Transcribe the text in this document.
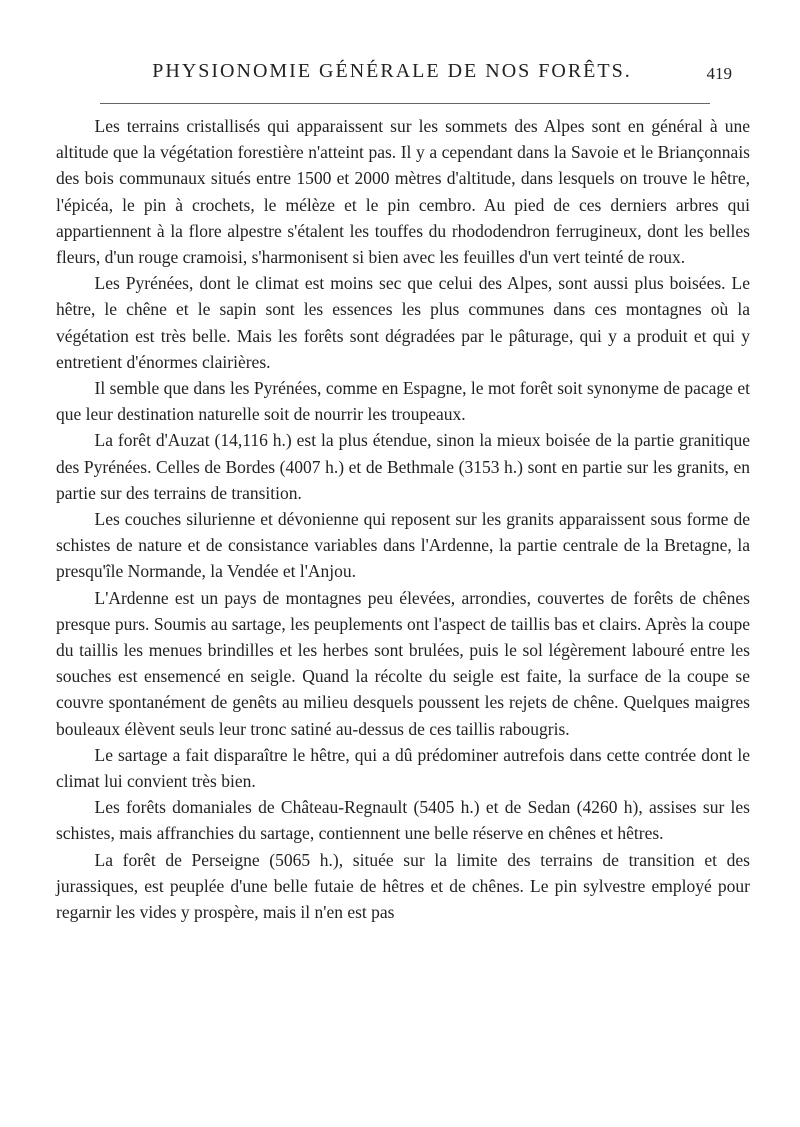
PHYSIONOMIE GÉNÉRALE DE NOS FORÊTS.	419

Les terrains cristallisés qui apparaissent sur les sommets des Alpes sont en général à une altitude que la végétation forestière n'atteint pas. Il y a cependant dans la Savoie et le Briançonnais des bois communaux situés entre 1500 et 2000 mètres d'altitude, dans lesquels on trouve le hêtre, l'épicéa, le pin à crochets, le mélèze et le pin cembro. Au pied de ces derniers arbres qui appartiennent à la flore alpestre s'étalent les touffes du rhododendron ferrugineux, dont les belles fleurs, d'un rouge cramoisi, s'harmonisent si bien avec les feuilles d'un vert teinté de roux.

Les Pyrénées, dont le climat est moins sec que celui des Alpes, sont aussi plus boisées. Le hêtre, le chêne et le sapin sont les essences les plus communes dans ces montagnes où la végétation est très belle. Mais les forêts sont dégradées par le pâturage, qui y a produit et qui y entretient d'énormes clairières.

Il semble que dans les Pyrénées, comme en Espagne, le mot forêt soit synonyme de pacage et que leur destination naturelle soit de nourrir les troupeaux.

La forêt d'Auzat (14,116 h.) est la plus étendue, sinon la mieux boisée de la partie granitique des Pyrénées. Celles de Bordes (4007 h.) et de Bethmale (3153 h.) sont en partie sur les granits, en partie sur des terrains de transition.

Les couches silurienne et dévonienne qui reposent sur les granits apparaissent sous forme de schistes de nature et de consistance variables dans l'Ardenne, la partie centrale de la Bretagne, la presqu'île Normande, la Vendée et l'Anjou.

L'Ardenne est un pays de montagnes peu élevées, arrondies, couvertes de forêts de chênes presque purs. Soumis au sartage, les peuplements ont l'aspect de taillis bas et clairs. Après la coupe du taillis les menues brindilles et les herbes sont brulées, puis le sol légèrement labouré entre les souches est ensemencé en seigle. Quand la récolte du seigle est faite, la surface de la coupe se couvre spontanément de genêts au milieu desquels poussent les rejets de chêne. Quelques maigres bouleaux élèvent seuls leur tronc satiné au-dessus de ces taillis rabougris.

Le sartage a fait disparaître le hêtre, qui a dû prédominer autrefois dans cette contrée dont le climat lui convient très bien.

Les forêts domaniales de Château-Regnault (5405 h.) et de Sedan (4260 h), assises sur les schistes, mais affranchies du sartage, contiennent une belle réserve en chênes et hêtres.

La forêt de Perseigne (5065 h.), située sur la limite des terrains de transition et des jurassiques, est peuplée d'une belle futaie de hêtres et de chênes. Le pin sylvestre employé pour regarnir les vides y prospère, mais il n'en est pas
